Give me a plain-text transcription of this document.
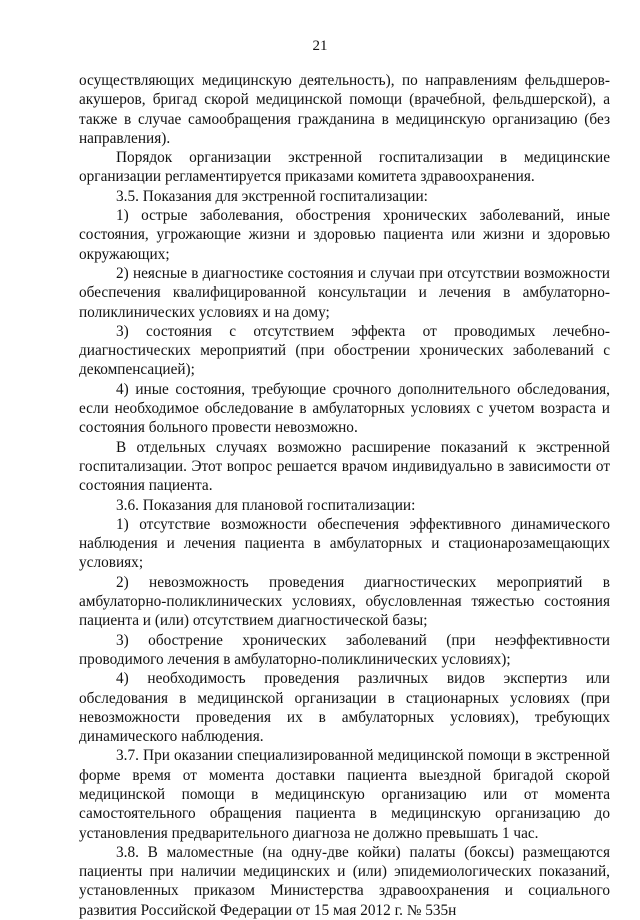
21

осуществляющих медицинскую деятельность), по направлениям фельдшеров-акушеров, бригад скорой медицинской помощи (врачебной, фельдшерской), а также в случае самообращения гражданина в медицинскую организацию (без направления).

Порядок организации экстренной госпитализации в медицинские организации регламентируется приказами комитета здравоохранения.

3.5. Показания для экстренной госпитализации:

1) острые заболевания, обострения хронических заболеваний, иные состояния, угрожающие жизни и здоровью пациента или жизни и здоровью окружающих;

2) неясные в диагностике состояния и случаи при отсутствии возможности обеспечения квалифицированной консультации и лечения в амбулаторно-поликлинических условиях и на дому;

3) состояния с отсутствием эффекта от проводимых лечебно-диагностических мероприятий (при обострении хронических заболеваний с декомпенсацией);

4) иные состояния, требующие срочного дополнительного обследования, если необходимое обследование в амбулаторных условиях с учетом возраста и состояния больного провести невозможно.

В отдельных случаях возможно расширение показаний к экстренной госпитализации. Этот вопрос решается врачом индивидуально в зависимости от состояния пациента.

3.6. Показания для плановой госпитализации:

1) отсутствие возможности обеспечения эффективного динамического наблюдения и лечения пациента в амбулаторных и стационарозамещающих условиях;

2) невозможность проведения диагностических мероприятий в амбулаторно-поликлинических условиях, обусловленная тяжестью состояния пациента и (или) отсутствием диагностической базы;

3) обострение хронических заболеваний (при неэффективности проводимого лечения в амбулаторно-поликлинических условиях);

4) необходимость проведения различных видов экспертиз или обследования в медицинской организации в стационарных условиях (при невозможности проведения их в амбулаторных условиях), требующих динамического наблюдения.

3.7. При оказании специализированной медицинской помощи в экстренной форме время от момента доставки пациента выездной бригадой скорой медицинской помощи в медицинскую организацию или от момента самостоятельного обращения пациента в медицинскую организацию до установления предварительного диагноза не должно превышать 1 час.

3.8. В маломестные (на одну-две койки) палаты (боксы) размещаются пациенты при наличии медицинских и (или) эпидемиологических показаний, установленных приказом Министерства здравоохранения и социального развития Российской Федерации от 15 мая 2012 г. № 535н
